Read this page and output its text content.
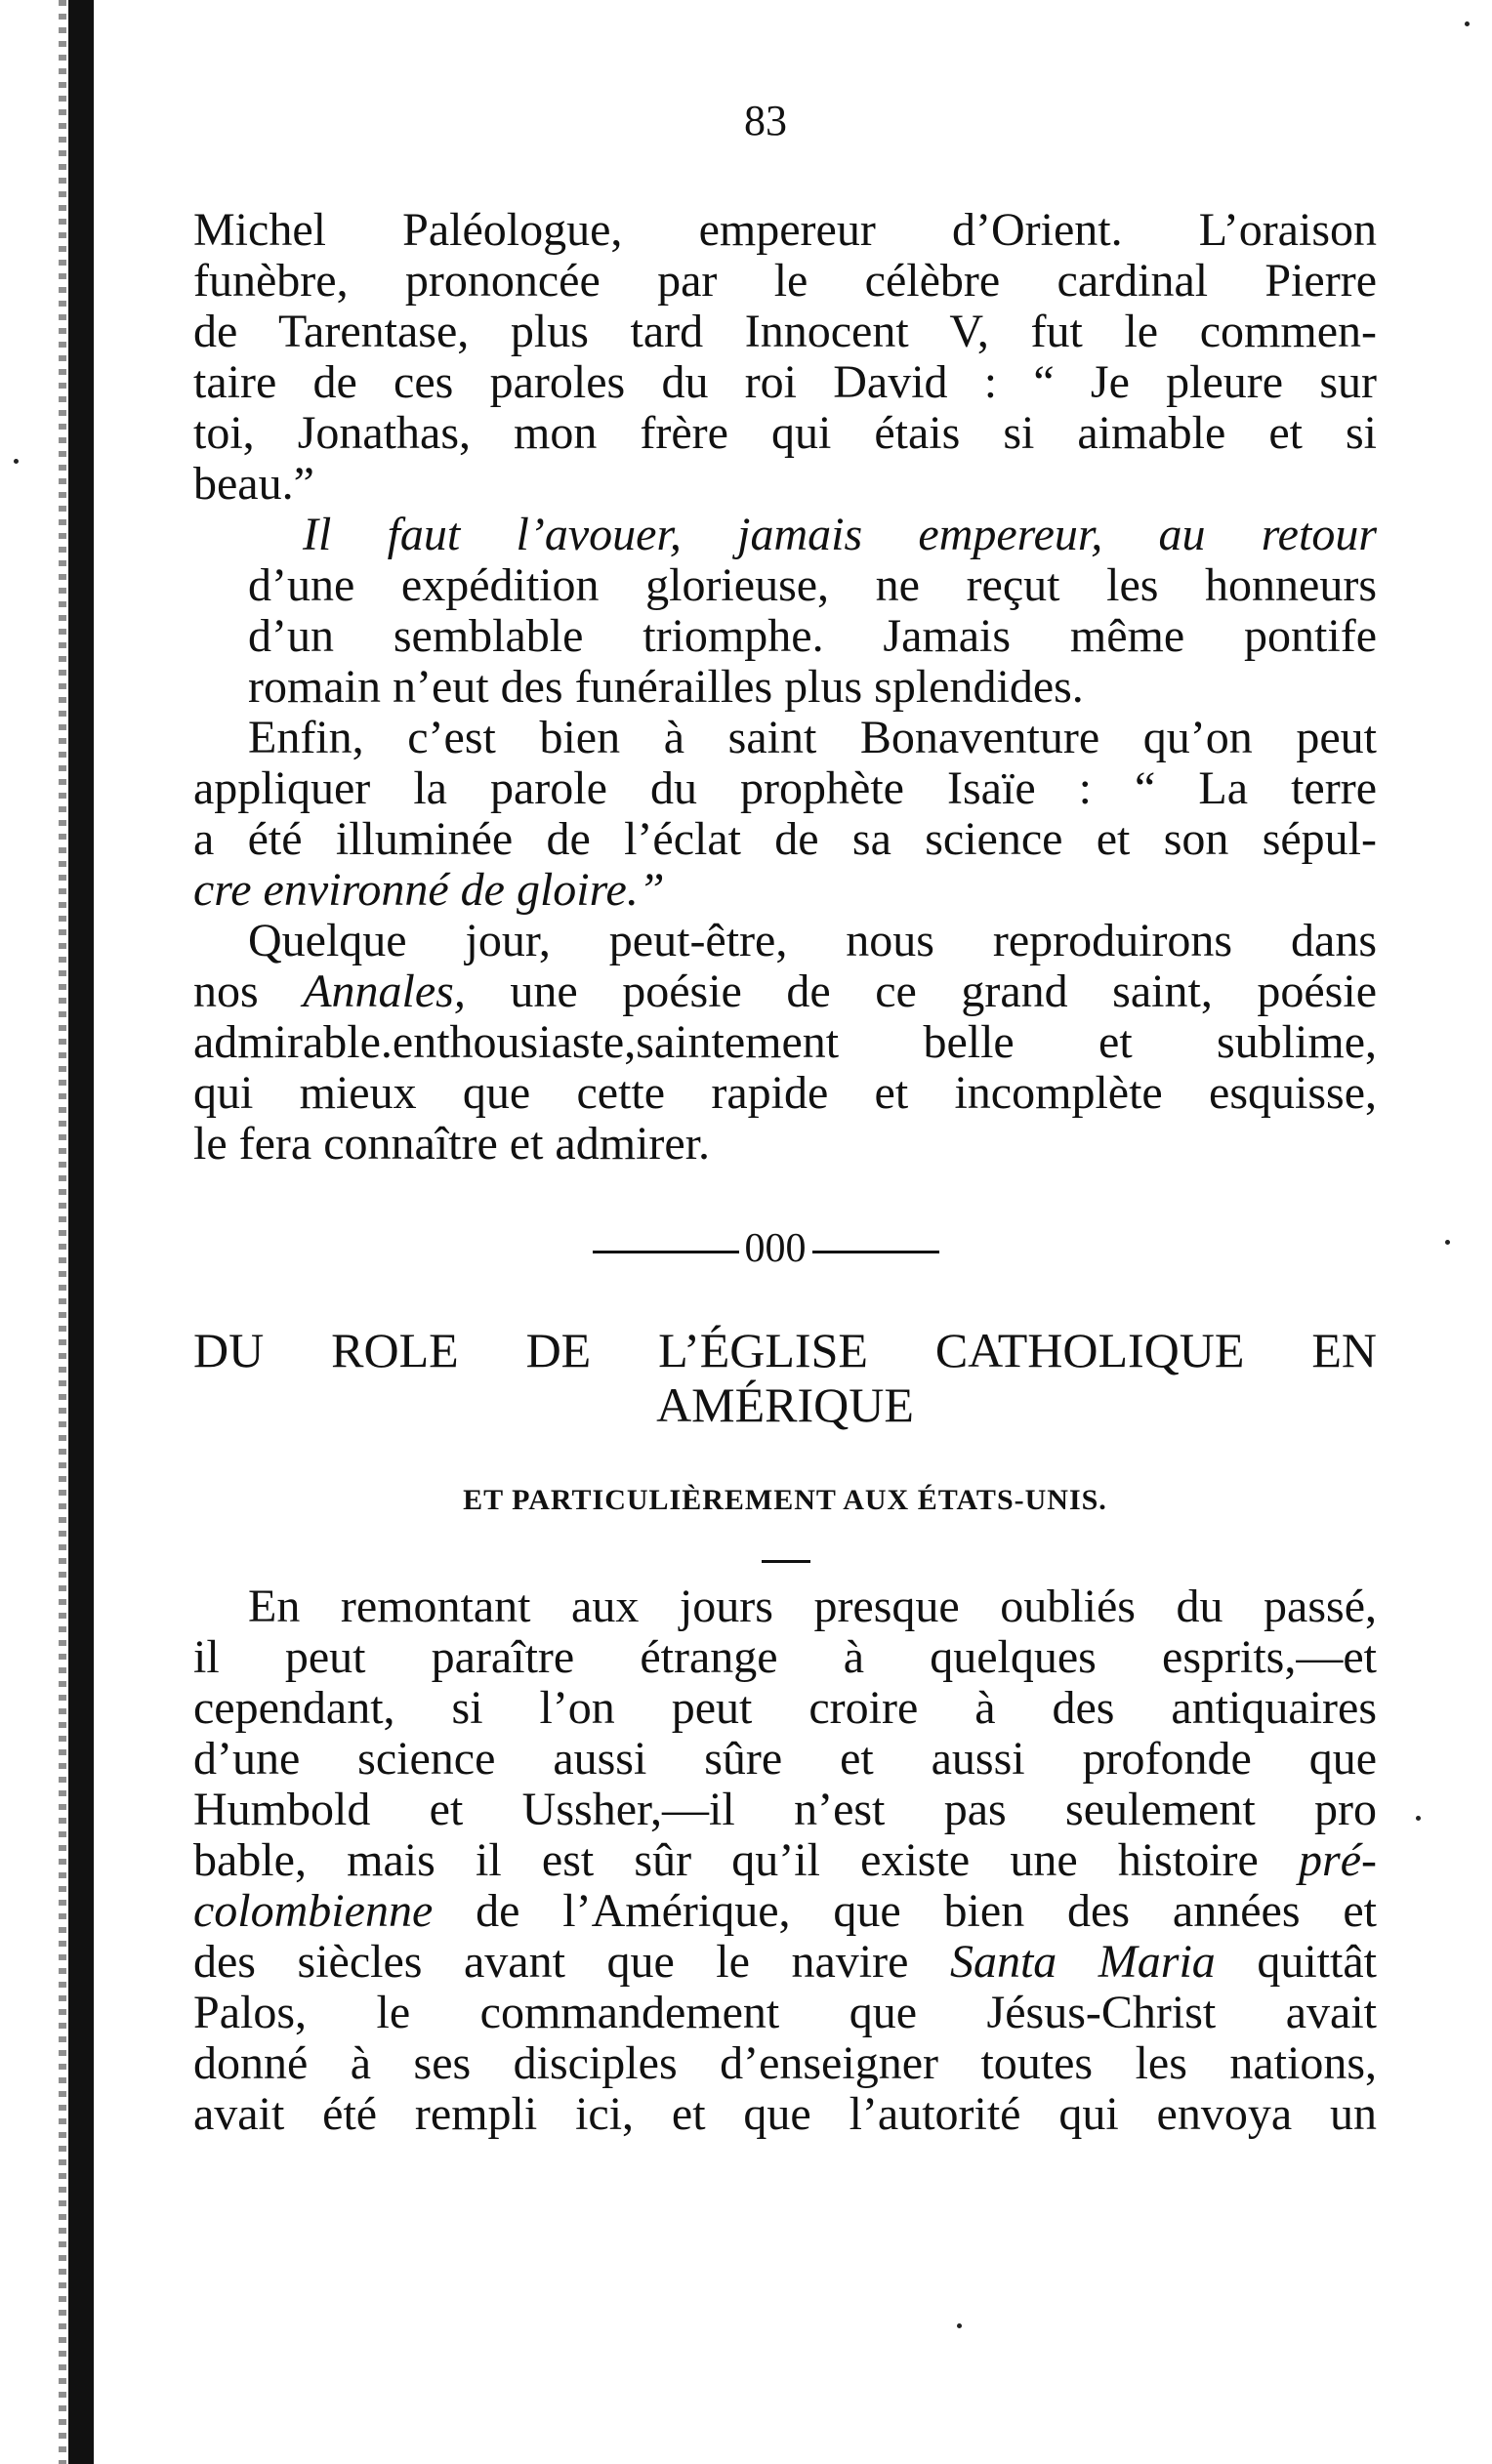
83

Michel Paléologue, empereur d’Orient. L’oraison
funèbre, prononcée par le célèbre cardinal Pierre
de Tarentase, plus tard Innocent V, fut le commen-
taire de ces paroles du roi David : “ Je pleure sur
toi, Jonathas, mon frère qui étais si aimable et si
beau.”

Il faut l’avouer, jamais empereur, au retour
d’une expédition glorieuse, ne reçut les honneurs
d’un semblable triomphe. Jamais même pontife
romain n’eut des funérailles plus splendides.

Enfin, c’est bien à saint Bonaventure qu’on peut
appliquer la parole du prophète Isaïe : “ La terre
a été illuminée de l’éclat de sa science et son sépul-
cre environné de gloire.”

Quelque jour, peut-être, nous reproduirons dans
nos Annales, une poésie de ce grand saint, poésie
admirable.enthousiaste,saintement belle et sublime,
qui mieux que cette rapide et incomplète esquisse,
le fera connaître et admirer.

000
DU ROLE DE L’ÉGLISE CATHOLIQUE EN
AMÉRIQUE
ET PARTICULIÈREMENT AUX ÉTATS-UNIS.

En remontant aux jours presque oubliés du passé,
il peut paraître étrange à quelques esprits,—et
cependant, si l’on peut croire à des antiquaires
d’une science aussi sûre et aussi profonde que
Humbold et Ussher,—il n’est pas seulement pro
bable, mais il est sûr qu’il existe une histoire pré-
colombienne de l’Amérique, que bien des années et
des siècles avant que le navire Santa Maria quittât
Palos, le commandement que Jésus-Christ avait
donné à ses disciples d’enseigner toutes les nations,
avait été rempli ici, et que l’autorité qui envoya un
